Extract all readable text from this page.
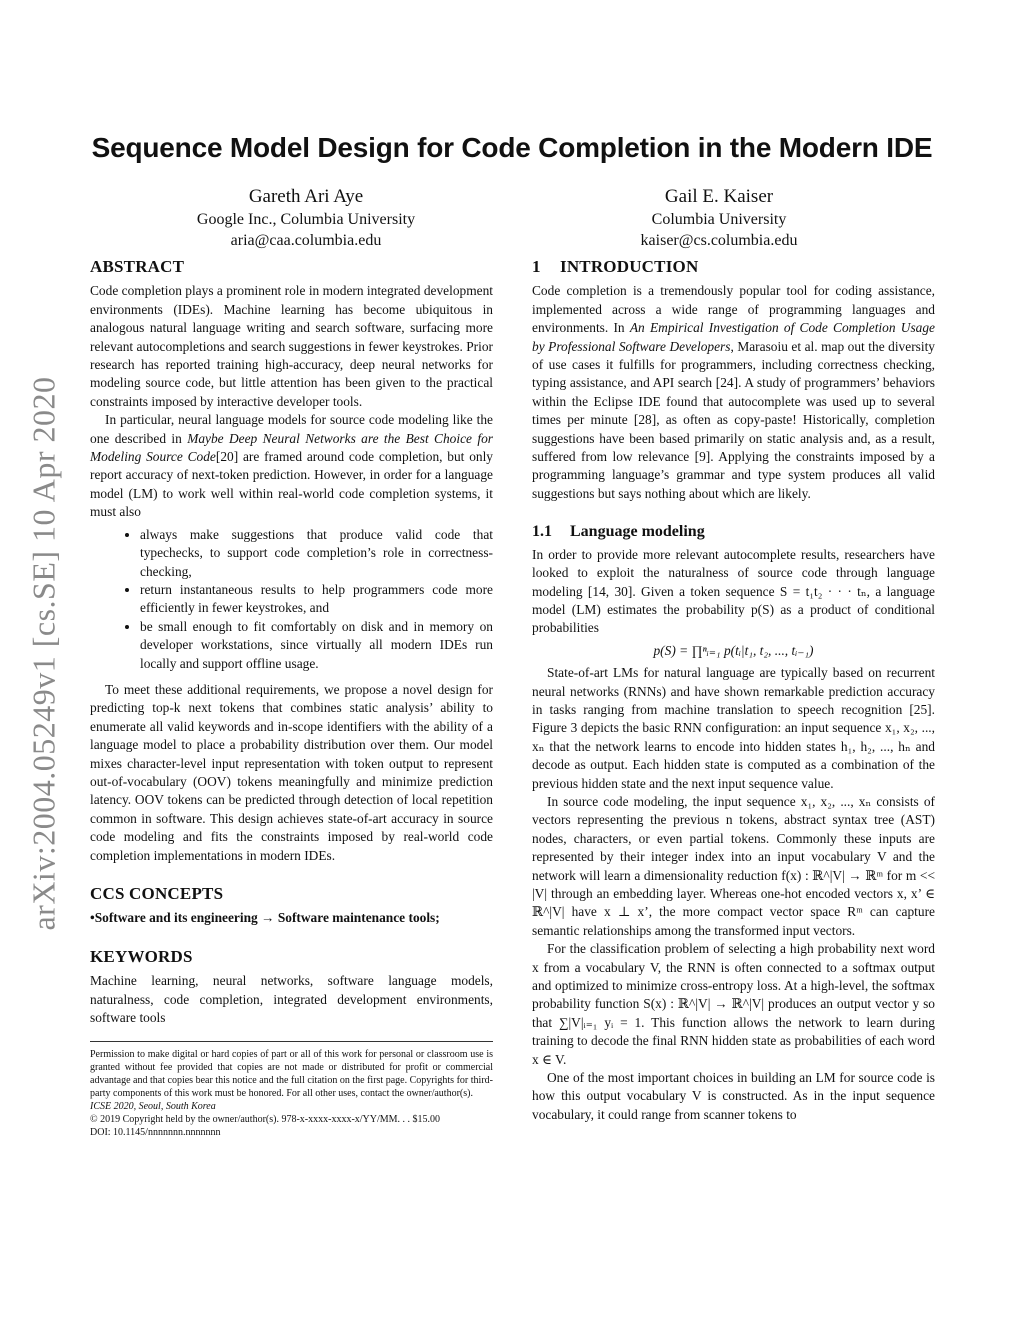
arXiv:2004.05249v1 [cs.SE] 10 Apr 2020
Sequence Model Design for Code Completion in the Modern IDE
Gareth Ari Aye
Google Inc., Columbia University
aria@caa.columbia.edu
Gail E. Kaiser
Columbia University
kaiser@cs.columbia.edu
ABSTRACT

Code completion plays a prominent role in modern integrated development environments (IDEs). Machine learning has become ubiquitous in analogous natural language writing and search software, surfacing more relevant autocompletions and search suggestions in fewer keystrokes. Prior research has reported training high-accuracy, deep neural networks for modeling source code, but little attention has been given to the practical constraints imposed by interactive developer tools.

In particular, neural language models for source code modeling like the one described in Maybe Deep Neural Networks are the Best Choice for Modeling Source Code[20] are framed around code completion, but only report accuracy of next-token prediction. However, in order for a language model (LM) to work well within real-world code completion systems, it must also

• always make suggestions that produce valid code that typechecks, to support code completion’s role in correctness-checking,
• return instantaneous results to help programmers code more efficiently in fewer keystrokes, and
• be small enough to fit comfortably on disk and in memory on developer workstations, since virtually all modern IDEs run locally and support offline usage.

To meet these additional requirements, we propose a novel design for predicting top-k next tokens that combines static analysis’ ability to enumerate all valid keywords and in-scope identifiers with the ability of a language model to place a probability distribution over them. Our model mixes character-level input representation with token output to represent out-of-vocabulary (OOV) tokens meaningfully and minimize prediction latency. OOV tokens can be predicted through detection of local repetition common in software. This design achieves state-of-art accuracy in source code modeling and fits the constraints imposed by real-world code completion implementations in modern IDEs.

CCS CONCEPTS

•Software and its engineering → Software maintenance tools;

KEYWORDS

Machine learning, neural networks, software language models, naturalness, code completion, integrated development environments, software tools

Permission to make digital or hard copies of part or all of this work for personal or classroom use is granted without fee provided that copies are not made or distributed for profit or commercial advantage and that copies bear this notice and the full citation on the first page. Copyrights for third-party components of this work must be honored. For all other uses, contact the owner/author(s).

ICSE 2020, Seoul, South Korea

© 2019 Copyright held by the owner/author(s). 978-x-xxxx-xxxx-x/YY/MM. . . $15.00

DOI: 10.1145/nnnnnnn.nnnnnnn

1 INTRODUCTION

Code completion is a tremendously popular tool for coding assistance, implemented across a wide range of programming languages and environments. In An Empirical Investigation of Code Completion Usage by Professional Software Developers, Marasoiu et al. map out the diversity of use cases it fulfills for programmers, including correctness checking, typing assistance, and API search [24]. A study of programmers’ behaviors within the Eclipse IDE found that autocomplete was used up to several times per minute [28], as often as copy-paste! Historically, completion suggestions have been based primarily on static analysis and, as a result, suffered from low relevance [9]. Applying the constraints imposed by a programming language’s grammar and type system produces all valid suggestions but says nothing about which are likely.

1.1 Language modeling

In order to provide more relevant autocomplete results, researchers have looked to exploit the naturalness of source code through language modeling [14, 30]. Given a token sequence S = t₁t₂ · · · tₙ, a language model (LM) estimates the probability p(S) as a product of conditional probabilities

p(S) = ∏ⁿᵢ₌₁ p(tᵢ|t₁, t₂, ..., tᵢ₋₁)

State-of-art LMs for natural language are typically based on recurrent neural networks (RNNs) and have shown remarkable prediction accuracy in tasks ranging from machine translation to speech recognition [25]. Figure 3 depicts the basic RNN configuration: an input sequence x₁, x₂, ..., xₙ that the network learns to encode into hidden states h₁, h₂, ..., hₙ and decode as output. Each hidden state is computed as a combination of the previous hidden state and the next input sequence value.

In source code modeling, the input sequence x₁, x₂, ..., xₙ consists of vectors representing the previous n tokens, abstract syntax tree (AST) nodes, characters, or even partial tokens. Commonly these inputs are represented by their integer index into an input vocabulary V and the network will learn a dimensionality reduction f(x) : ℝ^|V| → ℝᵐ for m << |V| through an embedding layer. Whereas one-hot encoded vectors x, x’ ∈ ℝ^|V| have x ⊥ x’, the more compact vector space Rᵐ can capture semantic relationships among the transformed input vectors.

For the classification problem of selecting a high probability next word x from a vocabulary V, the RNN is often connected to a softmax output and optimized to minimize cross-entropy loss. At a high-level, the softmax probability function S(x) : ℝ^|V| → ℝ^|V| produces an output vector y so that ∑|V|ᵢ₌₁ yᵢ = 1. This function allows the network to learn during training to decode the final RNN hidden state as probabilities of each word x ∈ V.

One of the most important choices in building an LM for source code is how this output vocabulary V is constructed. As in the input sequence vocabulary, it could range from scanner tokens to
